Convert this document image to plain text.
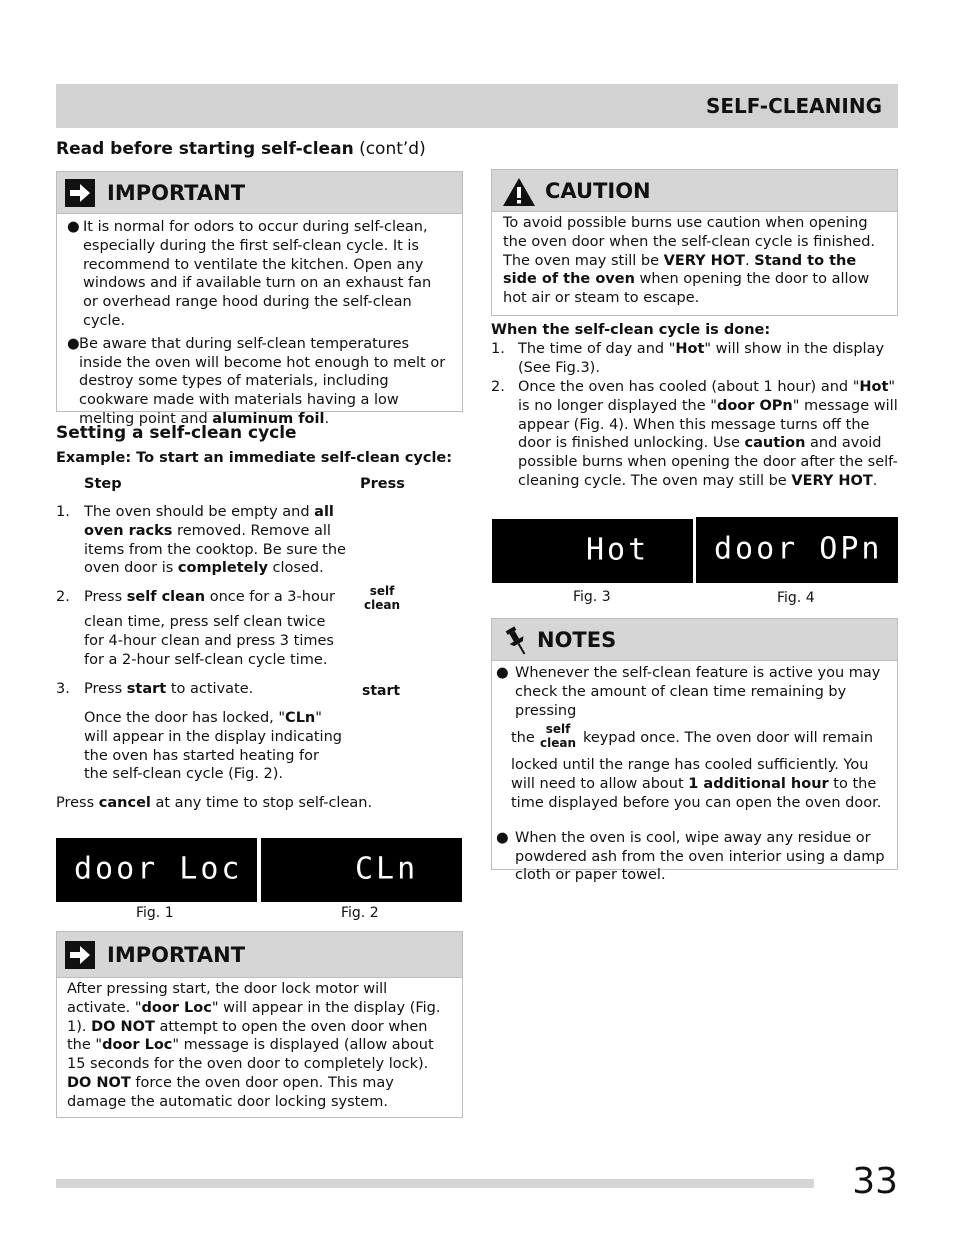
SELF-CLEANING
Read before starting self-clean (cont’d)
IMPORTANT
● It is normal for odors to occur during self-clean, especially during the first self-clean cycle. It is recommend to ventilate the kitchen. Open any windows and if available turn on an exhaust fan or overhead range hood during the self-clean cycle.
● Be aware that during self-clean temperatures inside the oven will become hot enough to melt or destroy some types of materials, including cookware made with materials having a low melting point and aluminum foil.
Setting a self-clean cycle
Example: To start an immediate self-clean cycle:
Step	Press
1. The oven should be empty and all oven racks removed. Remove all items from the cooktop. Be sure the oven door is completely closed.
2. Press self clean once for a 3-hour	self
clean
clean time, press self clean twice for 4-hour clean and press 3 times for a 2-hour self-clean cycle time.
3. Press start to activate.	start
Once the door has locked, "CLn" will appear in the display indicating the oven has started heating for the self-clean cycle (Fig. 2).
Press cancel at any time to stop self-clean.
door Loc	CLn
Fig. 1	Fig. 2
IMPORTANT
After pressing start, the door lock motor will activate. "door Loc" will appear in the display (Fig. 1). DO NOT attempt to open the oven door when the "door Loc" message is displayed (allow about 15 seconds for the oven door to completely lock). DO NOT force the oven door open. This may damage the automatic door locking system.
CAUTION
To avoid possible burns use caution when opening the oven door when the self-clean cycle is finished. The oven may still be VERY HOT. Stand to the side of the oven when opening the door to allow hot air or steam to escape.
When the self-clean cycle is done:
1. The time of day and "Hot" will show in the display (See Fig.3).
2. Once the oven has cooled (about 1 hour) and "Hot" is no longer displayed the "door OPn" message will appear (Fig. 4). When this message turns off the door is finished unlocking. Use caution and avoid possible burns when opening the door after the self-cleaning cycle. The oven may still be VERY HOT.
Hot door OPn
Fig. 3	Fig. 4
NOTES
● Whenever the self-clean feature is active you may check the amount of clean time remaining by pressing
the
self
clean keypad once. The oven door will remain
locked until the range has cooled sufficiently. You will need to allow about 1 additional hour to the time displayed before you can open the oven door.
● When the oven is cool, wipe away any residue or powdered ash from the oven interior using a damp cloth or paper towel.
33
